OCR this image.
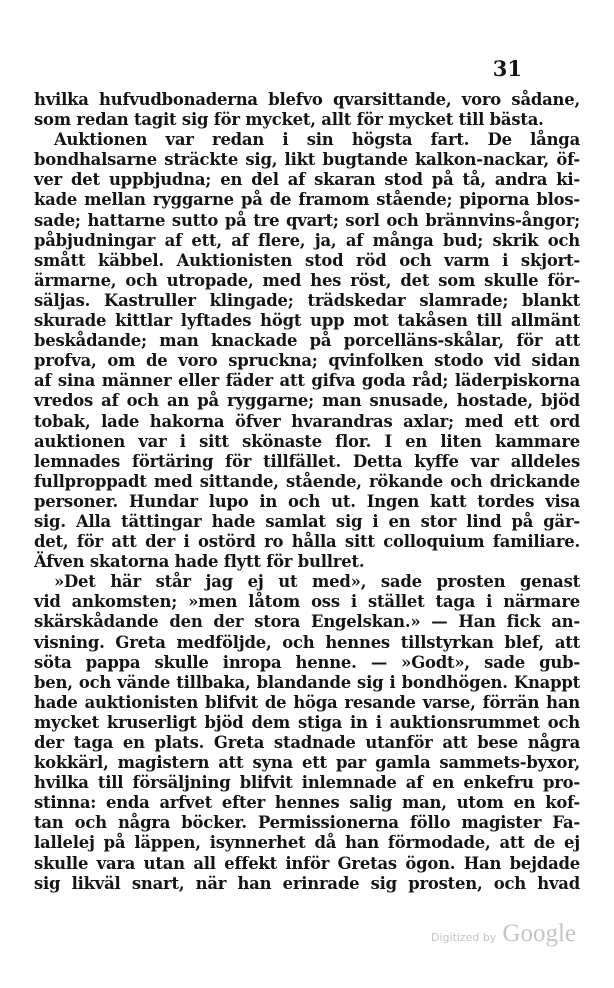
31
hvilka hufvudbonaderna blefvo qvarsittande, voro sådane,
som redan tagit sig för mycket, allt för mycket till bästa.
Auktionen var redan i sin högsta fart. De långa
bondhalsarne sträckte sig, likt bugtande kalkon-nackar, öf-
ver det uppbjudna; en del af skaran stod på tå, andra ki-
kade mellan ryggarne på de framom stående; piporna blos-
sade; hattarne sutto på tre qvart; sorl och brännvins-ångor;
påbjudningar af ett, af flere, ja, af många bud; skrik och
smått käbbel. Auktionisten stod röd och varm i skjort-
ärmarne, och utropade, med hes röst, det som skulle för-
säljas. Kastruller klingade; trädskedar slamrade; blankt
skurade kittlar lyftades högt upp mot takåsen till allmänt
beskådande; man knackade på porcelläns-skålar, för att
profva, om de voro spruckna; qvinfolken stodo vid sidan
af sina männer eller fäder att gifva goda råd; läderpiskorna
vredos af och an på ryggarne; man snusade, hostade, bjöd
tobak, lade hakorna öfver hvarandras axlar; med ett ord
auktionen var i sitt skönaste flor. I en liten kammare
lemnades förtäring för tillfället. Detta kyffe var alldeles
fullproppadt med sittande, stående, rökande och drickande
personer. Hundar lupo in och ut. Ingen katt tordes visa
sig. Alla tättingar hade samlat sig i en stor lind på gär-
det, för att der i ostörd ro hålla sitt colloquium familiare.
Äfven skatorna hade flytt för bullret.
»Det här står jag ej ut med», sade prosten genast
vid ankomsten; »men låtom oss i stället taga i närmare
skärskådande den der stora Engelskan.» — Han fick an-
visning. Greta medföljde, och hennes tillstyrkan blef, att
söta pappa skulle inropa henne. — »Godt», sade gub-
ben, och vände tillbaka, blandande sig i bondhögen. Knappt
hade auktionisten blifvit de höga resande varse, förrän han
mycket kruserligt bjöd dem stiga in i auktionsrummet och
der taga en plats. Greta stadnade utanför att bese några
kokkärl, magistern att syna ett par gamla sammets-byxor,
hvilka till försäljning blifvit inlemnade af en enkefru pro-
stinna: enda arfvet efter hennes salig man, utom en kof-
tan och några böcker. Permissionerna föllo magister Fa-
lallelej på läppen, isynnerhet då han förmodade, att de ej
skulle vara utan all effekt inför Gretas ögon. Han bejdade
sig likväl snart, när han erinrade sig prosten, och hvad
Digitized by Google
